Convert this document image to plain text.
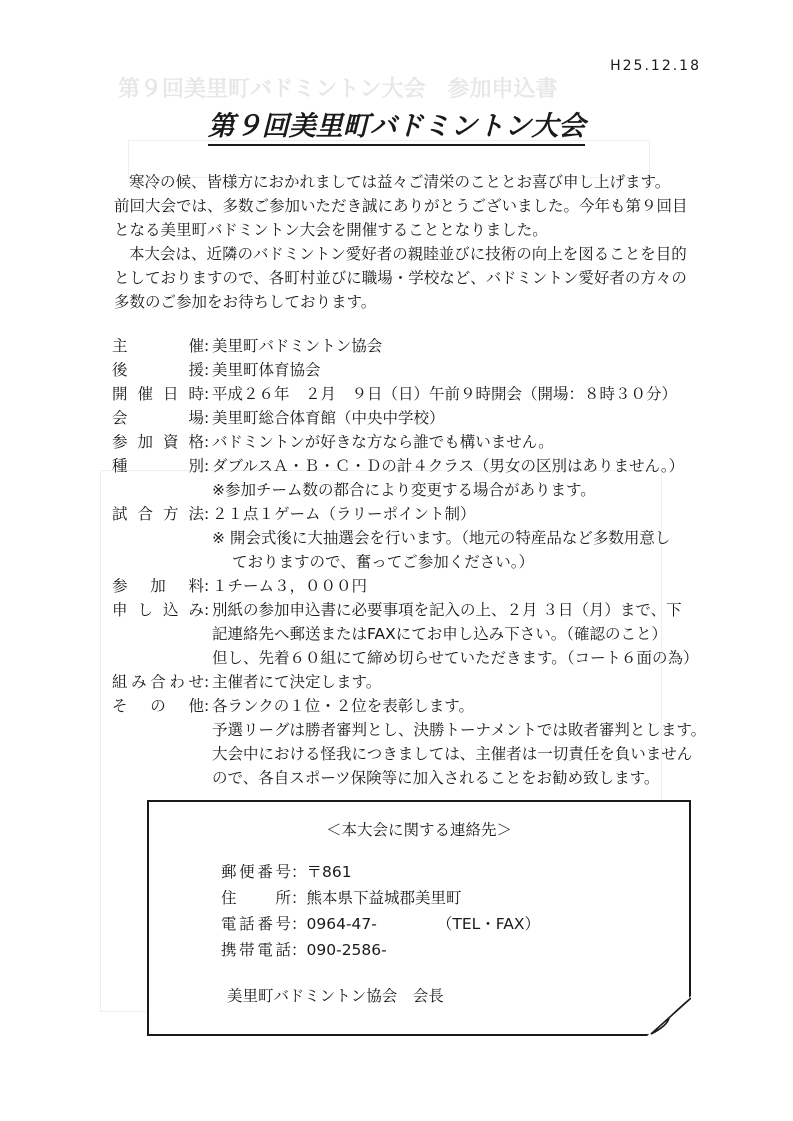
第９回美里町バドミントン大会　参加申込書
H25.12.18
第９回美里町バドミントン大会

寒冷の候、皆様方におかれましては益々ご清栄のこととお喜び申し上げます。

前回大会では、多数ご参加いただき誠にありがとうございました。今年も第９回目

となる美里町バドミントン大会を開催することとなりました。

本大会は、近隣のバドミントン愛好者の親睦並びに技術の向上を図ることを目的

としておりますので、各町村並びに職場・学校など、バドミントン愛好者の方々の

多数のご参加をお待ちしております。

主　催 : 美里町バドミントン協会
後　援 : 美里町体育協会
開催日時 : 平成２６年　２月　９日（日）午前９時開会（開場：８時３０分）
会　場 : 美里町総合体育館（中央中学校）
参加資格 : バドミントンが好きな方なら誰でも構いません。
種　別 : ダブルスＡ・Ｂ・Ｃ・Ｄの計４クラス（男女の区別はありません。）
※参加チーム数の都合により変更する場合があります。
試合方法 : ２１点１ゲーム（ラリーポイント制）
※ 開会式後に大抽選会を行います。（地元の特産品など多数用意し
ておりますので、奮ってご参加ください。）
参加料 : １チーム３，０００円
申し込み : 別紙の参加申込書に必要事項を記入の上、２月 ３日（月）まで、下
記連絡先へ郵送またはFAXにてお申し込み下さい。（確認のこと）
但し、先着６０組にて締め切らせていただきます。（コート６面の為）
組み合わせ : 主催者にて決定します。
そ　の　他 : 各ランクの１位・２位を表彰します。
予選リーグは勝者審判とし、決勝トーナメントでは敗者審判とします。
大会中における怪我につきましては、主催者は一切責任を負いません
ので、各自スポーツ保険等に加入されることをお勧め致します。
＜本大会に関する連絡先＞
郵便番号：〒861
住　所：熊本県下益城郡美里町
電話番号：0964-47-	（TEL・FAX）
携帯電話：090-2586-
美里町バドミントン協会　会長
